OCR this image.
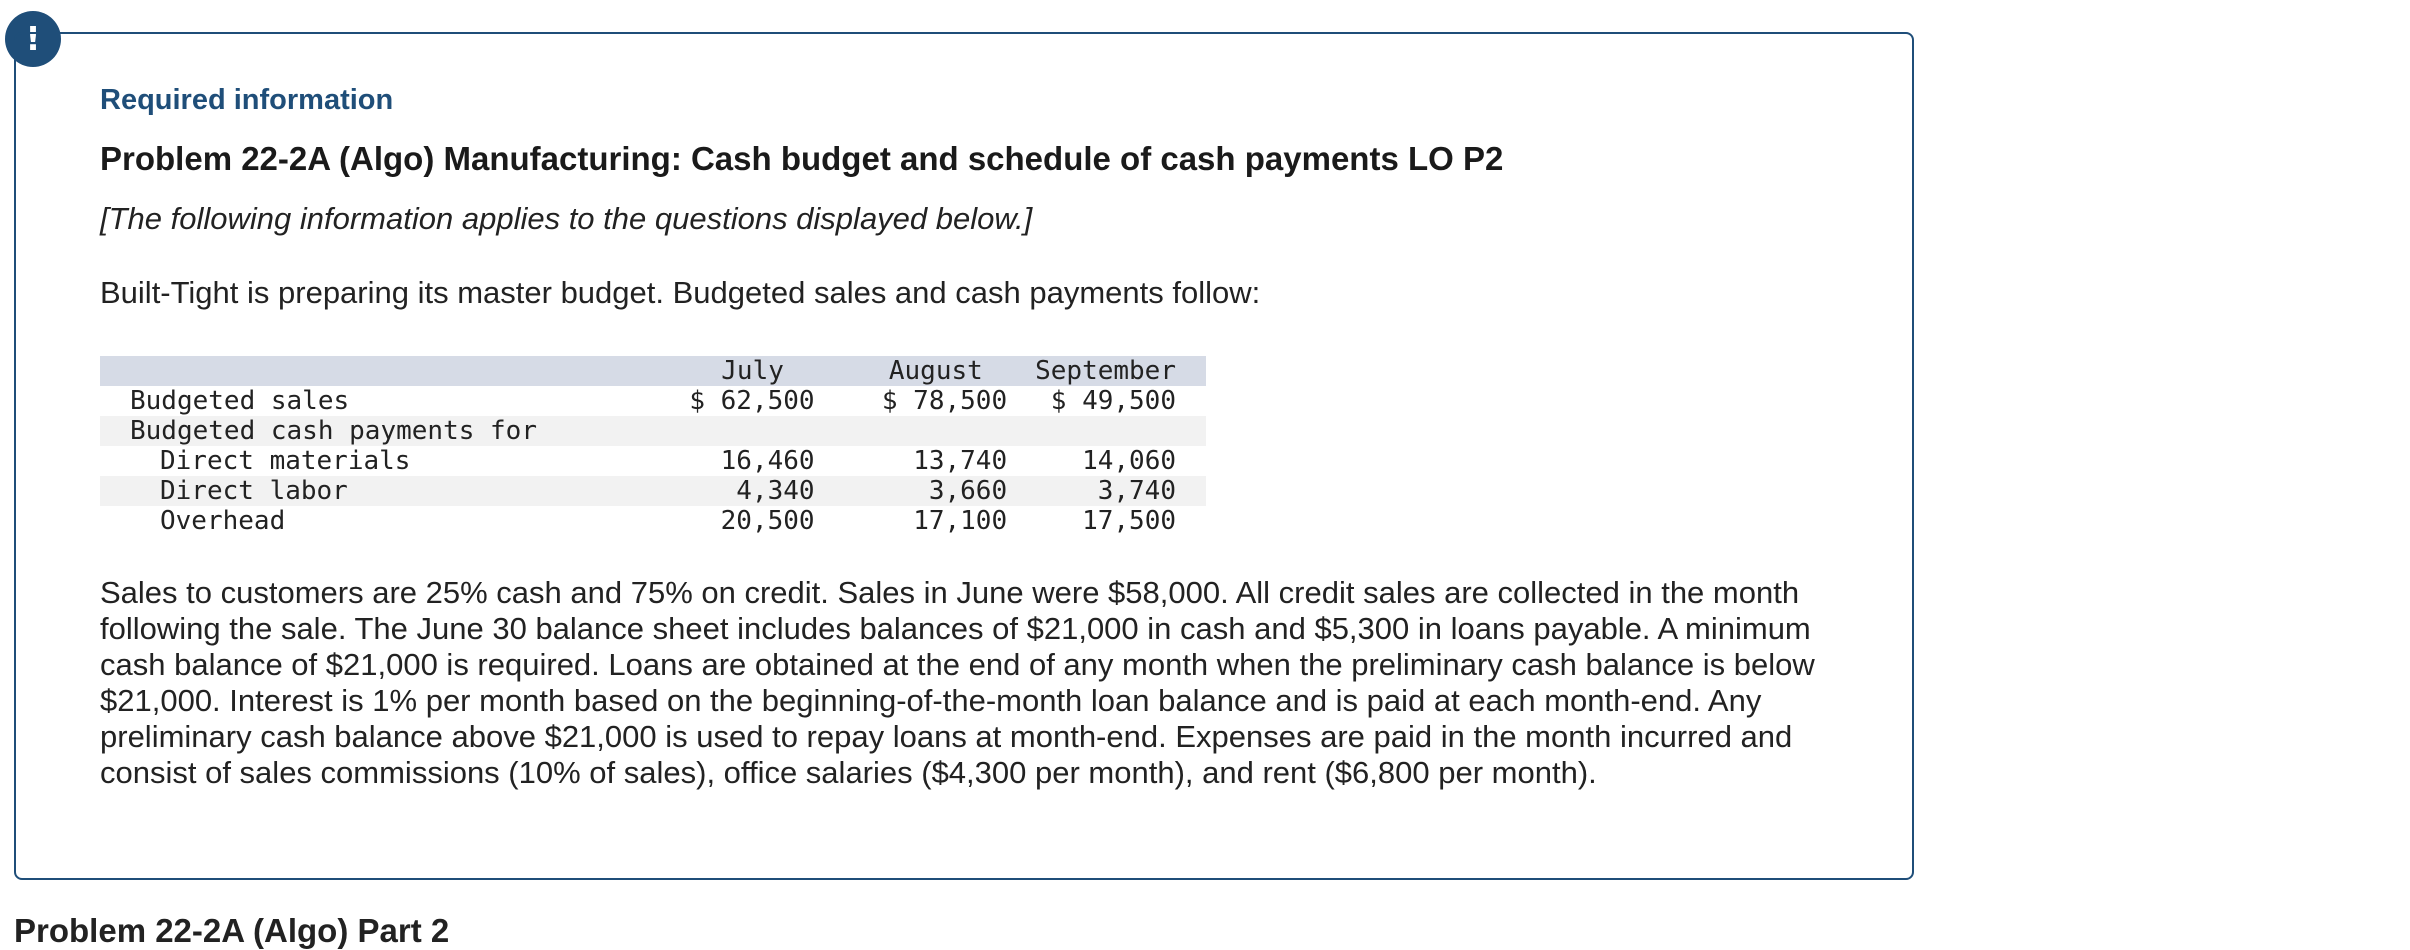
!
Required information
Problem 22-2A (Algo) Manufacturing: Cash budget and schedule of cash payments LO P2
[The following information applies to the questions displayed below.]
Built-Tight is preparing its master budget. Budgeted sales and cash payments follow:
	July	August	September
Budgeted sales	$ 62,500	$ 78,500	$ 49,500
Budgeted cash payments for			
Direct materials	16,460	13,740	14,060
Direct labor	4,340	3,660	3,740
Overhead	20,500	17,100	17,500

Sales to customers are 25% cash and 75% on credit. Sales in June were $58,000. All credit sales are collected in the month following the sale. The June 30 balance sheet includes balances of $21,000 in cash and $5,300 in loans payable. A minimum cash balance of $21,000 is required. Loans are obtained at the end of any month when the preliminary cash balance is below $21,000. Interest is 1% per month based on the beginning-of-the-month loan balance and is paid at each month-end. Any preliminary cash balance above $21,000 is used to repay loans at month-end. Expenses are paid in the month incurred and consist of sales commissions (10% of sales), office salaries ($4,300 per month), and rent ($6,800 per month).

Problem 22-2A (Algo) Part 2
